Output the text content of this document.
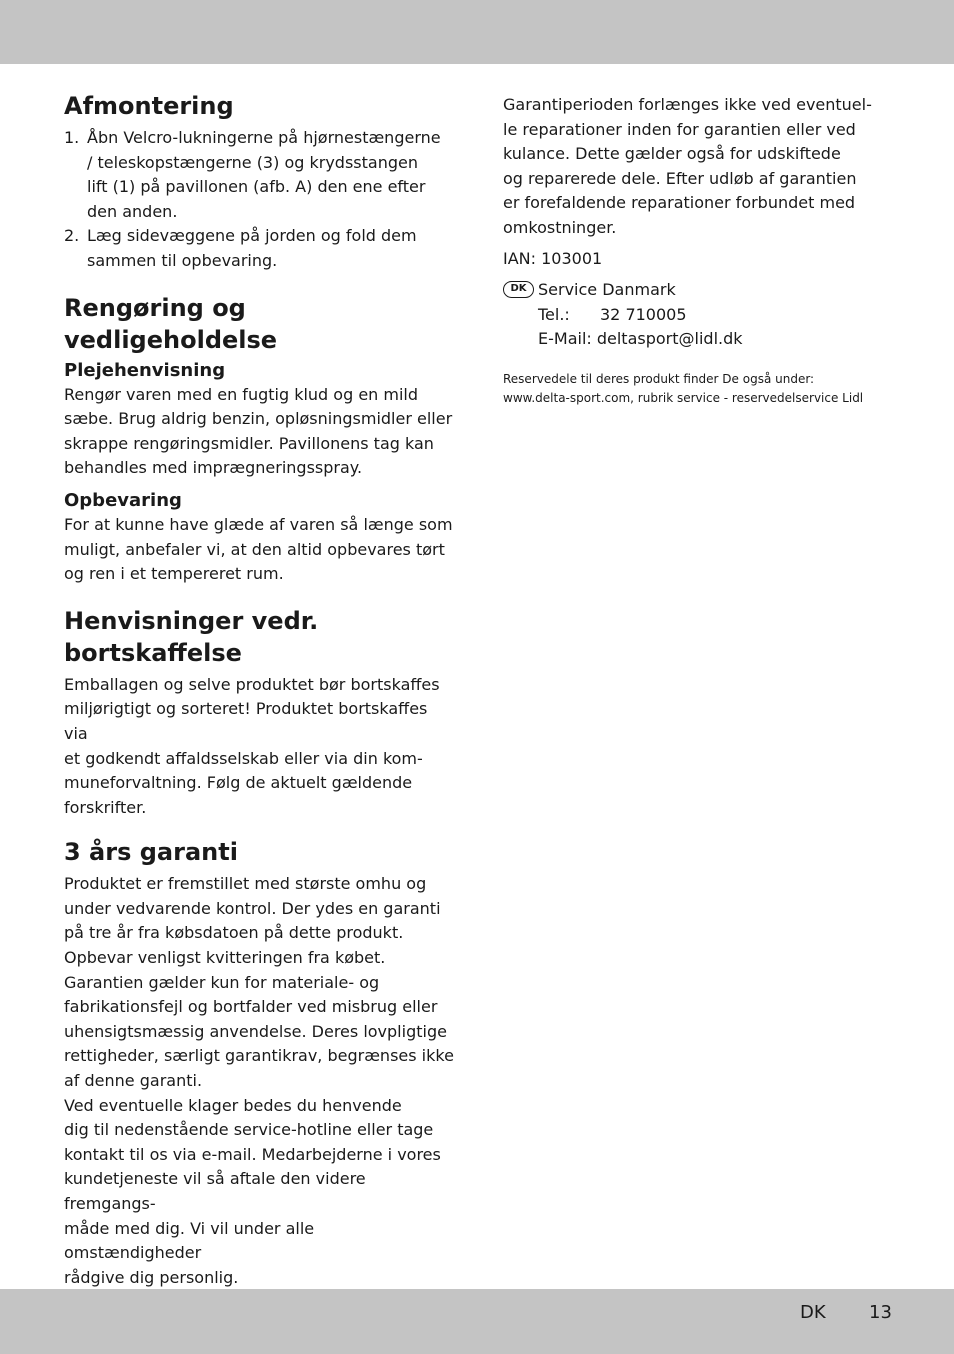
Afmontering
1. Åbn Velcro-lukningerne på hjørnestængerne
/ teleskopstængerne (3) og krydsstangen
lift (1) på pavillonen (afb. A) den ene efter
den anden.
2. Læg sidevæggene på jorden og fold dem
sammen til opbevaring.
Rengøring og vedligeholdelse
Plejehenvisning

Rengør varen med en fugtig klud og en mild
sæbe. Brug aldrig benzin, opløsningsmidler eller
skrappe rengøringsmidler. Pavillonens tag kan
behandles med imprægneringsspray.

Opbevaring

For at kunne have glæde af varen så længe som
muligt, anbefaler vi, at den altid opbevares tørt
og ren i et tempereret rum.

Henvisninger vedr.
bortskaffelse

Emballagen og selve produktet bør bortskaffes
miljørigtigt og sorteret! Produktet bortskaffes via
et godkendt affaldsselskab eller via din kom-
muneforvaltning. Følg de aktuelt gældende
forskrifter.

3 års garanti

Produktet er fremstillet med største omhu og
under vedvarende kontrol. Der ydes en garanti
på tre år fra købsdatoen på dette produkt.
Opbevar venligst kvitteringen fra købet.
Garantien gælder kun for materiale- og
fabrikationsfejl og bortfalder ved misbrug eller
uhensigtsmæssig anvendelse. Deres lovpligtige
rettigheder, særligt garantikrav, begrænses ikke
af denne garanti.

Ved eventuelle klager bedes du henvende
dig til nedenstående service-hotline eller tage
kontakt til os via e-mail. Medarbejderne i vores
kundetjeneste vil så aftale den videre fremgangs-
måde med dig. Vi vil under alle omstændigheder
rådgive dig personlig.

Garantiperioden forlænges ikke ved eventuel-
le reparationer inden for garantien eller ved
kulance. Dette gælder også for udskiftede
og reparerede dele. Efter udløb af garantien
er forefaldende reparationer forbundet med
omkostninger.

IAN: 103001

DK Service Danmark
Tel.: 32 710005
E-Mail: deltasport@lidl.dk

Reservedele til deres produkt finder De også under:
www.delta-sport.com, rubrik service - reservedelservice Lidl

DK 13
